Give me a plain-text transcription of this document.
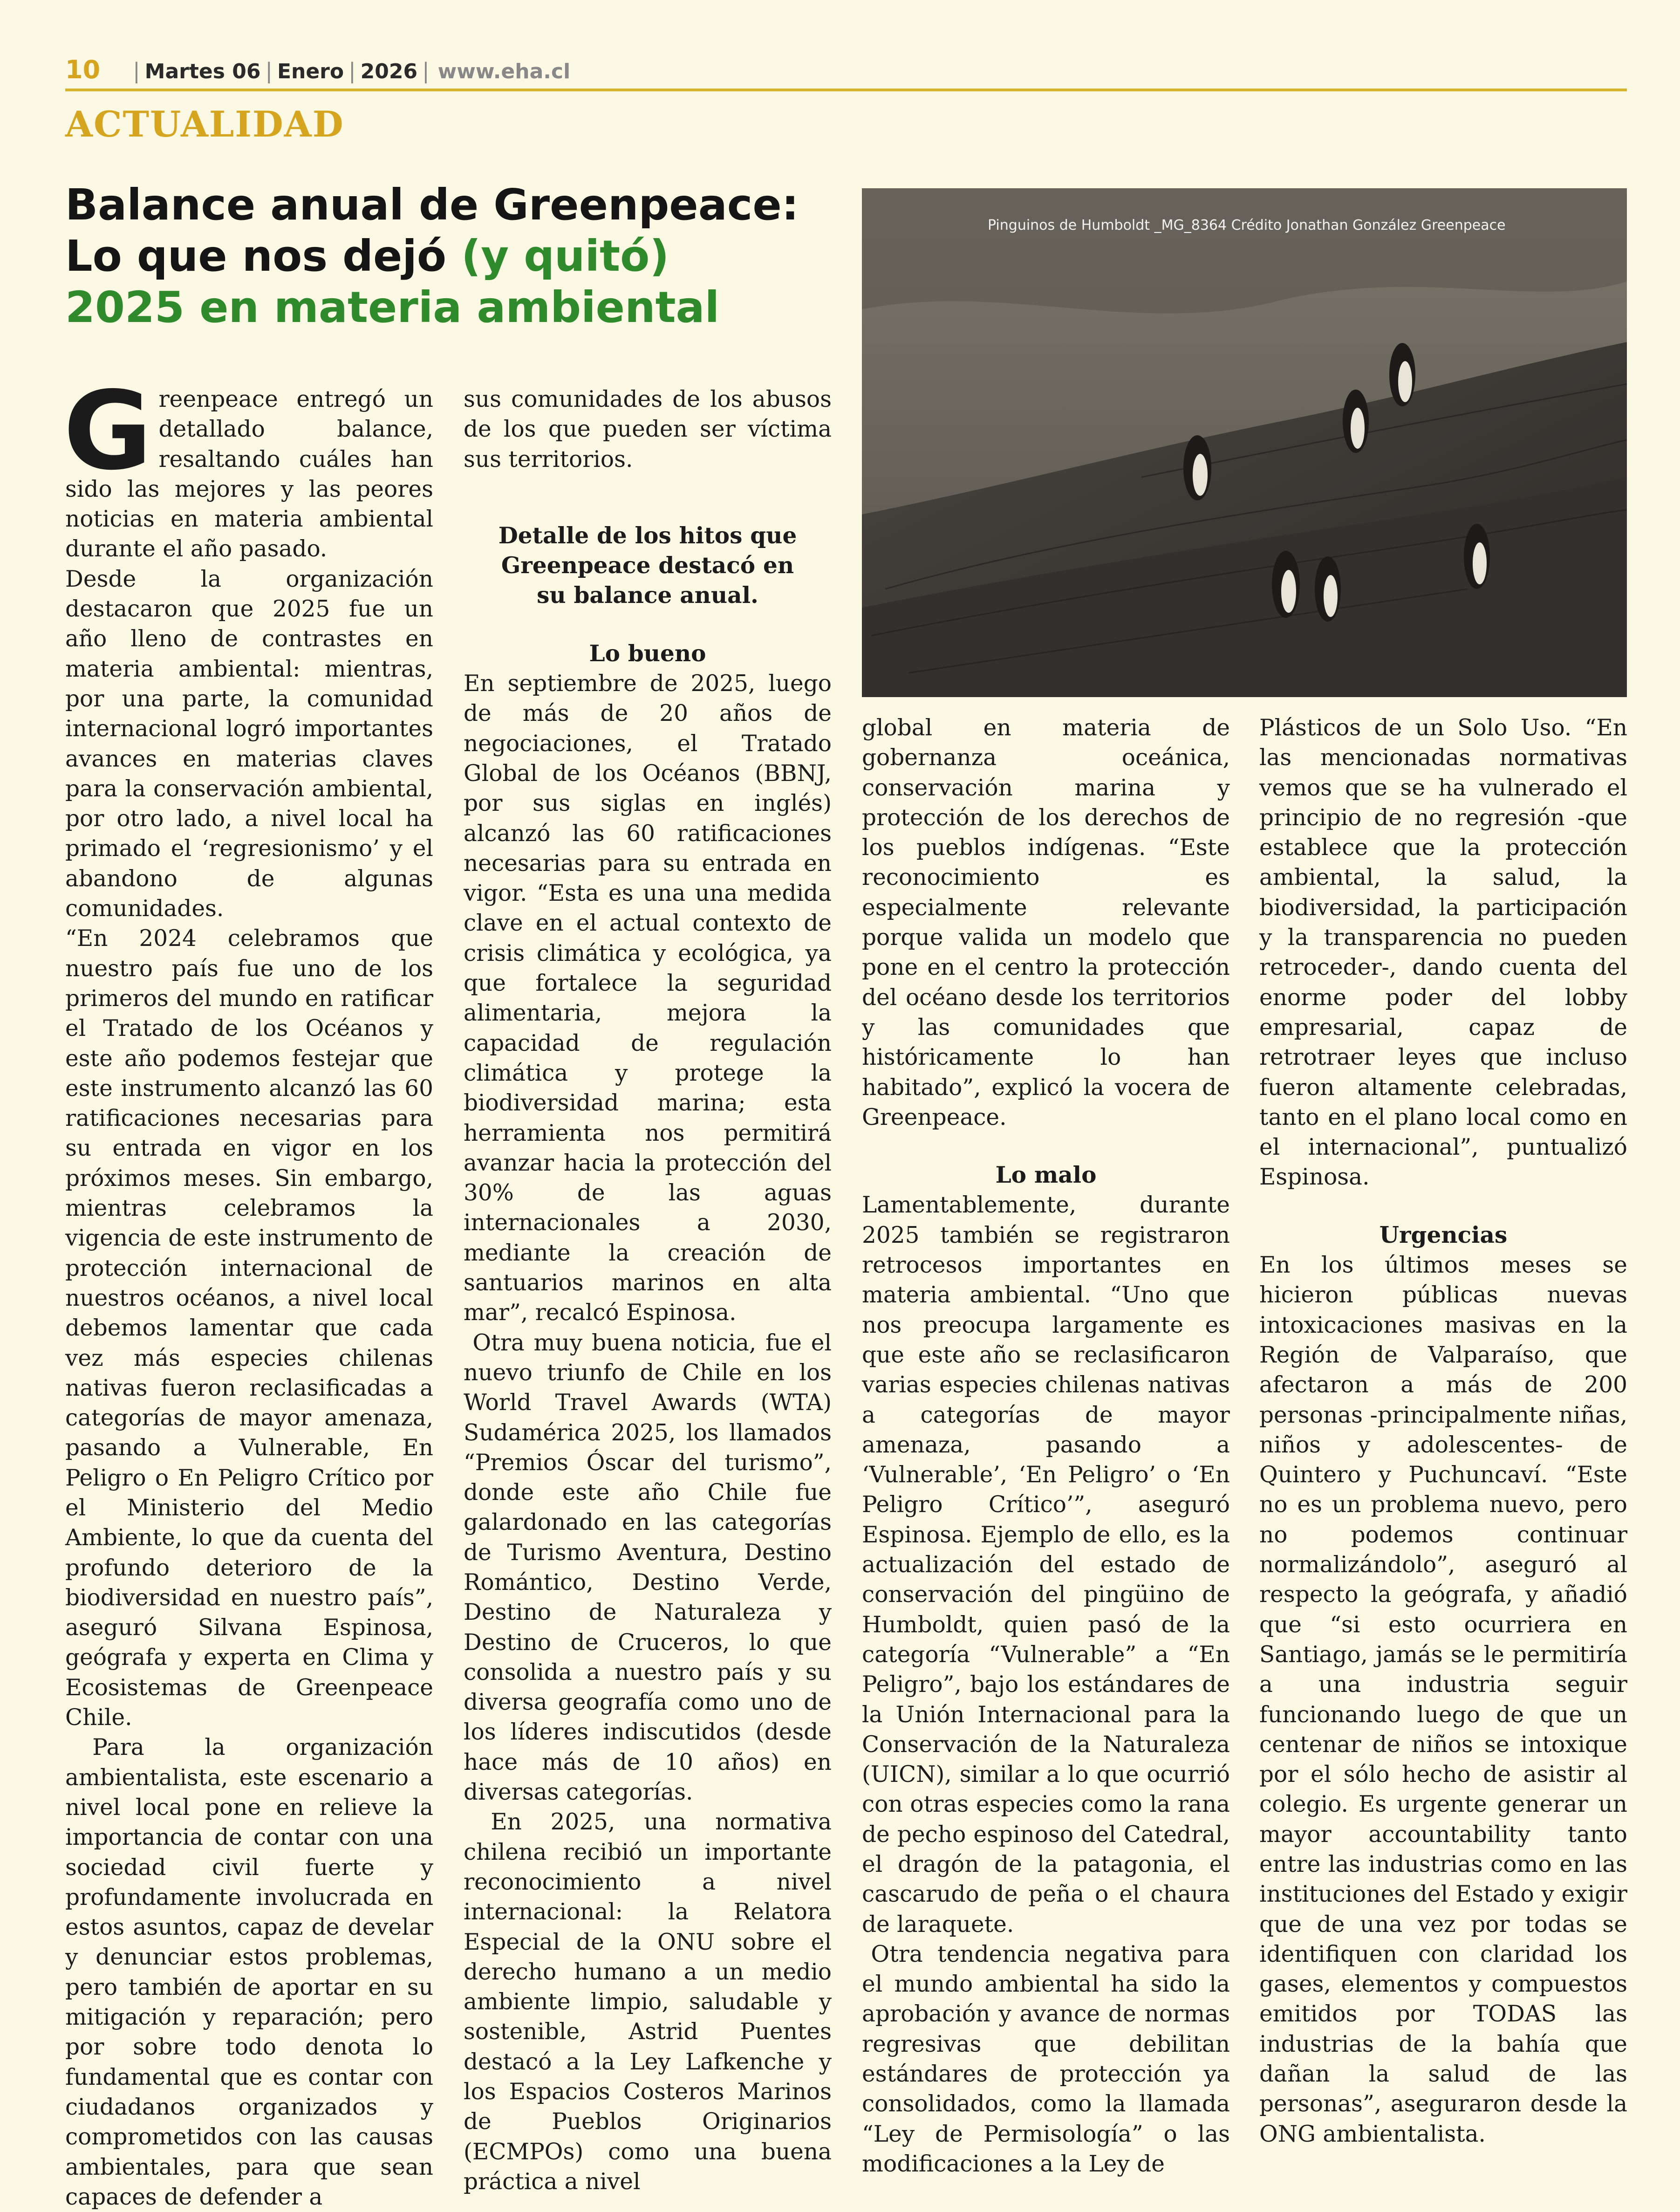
10 | Martes 06 | Enero | 2026 | www.eha.cl
ACTUALIDAD
Balance anual de Greenpeace:
Lo que nos dejó (y quitó)
2025 en materia ambiental
Pinguinos de Humboldt _MG_8364 Crédito Jonathan González Greenpeace

Greenpeace entregó un detallado balance, resaltando cuáles han sido las mejores y las peores noticias en materia ambiental durante el año pasado.

Desde la organización destacaron que 2025 fue un año lleno de contrastes en materia ambiental: mientras, por una parte, la comunidad internacional logró importantes avances en materias claves para la conservación ambiental, por otro lado, a nivel local ha primado el ‘regresionismo’ y el abandono de algunas comunidades.

“En 2024 celebramos que nuestro país fue uno de los primeros del mundo en ratificar el Tratado de los Océanos y este año podemos festejar que este instrumento alcanzó las 60 ratificaciones necesarias para su entrada en vigor en los próximos meses. Sin embargo, mientras celebramos la vigencia de este instrumento de protección internacional de nuestros océanos, a nivel local debemos lamentar que cada vez más especies chilenas nativas fueron reclasificadas a categorías de mayor amenaza, pasando a Vulnerable, En Peligro o En Peligro Crítico por el Ministerio del Medio Ambiente, lo que da cuenta del profundo deterioro de la biodiversidad en nuestro país”, aseguró Silvana Espinosa, geógrafa y experta en Clima y Ecosistemas de Greenpeace Chile.

Para la organización ambientalista, este escenario a nivel local pone en relieve la importancia de contar con una sociedad civil fuerte y profundamente involucrada en estos asuntos, capaz de develar y denunciar estos problemas, pero también de aportar en su mitigación y reparación; pero por sobre todo denota lo fundamental que es contar con ciudadanos organizados y comprometidos con las causas ambientales, para que sean capaces de defender a

sus comunidades de los abusos de los que pueden ser víctima sus territorios.

Detalle de los hitos que Greenpeace destacó en su balance anual.

Lo bueno

En septiembre de 2025, luego de más de 20 años de negociaciones, el Tratado Global de los Océanos (BBNJ, por sus siglas en inglés) alcanzó las 60 ratificaciones necesarias para su entrada en vigor. “Esta es una una medida clave en el actual contexto de crisis climática y ecológica, ya que fortalece la seguridad alimentaria, mejora la capacidad de regulación climática y protege la biodiversidad marina; esta herramienta nos permitirá avanzar hacia la protección del 30% de las aguas internacionales a 2030, mediante la creación de santuarios marinos en alta mar”, recalcó Espinosa.

Otra muy buena noticia, fue el nuevo triunfo de Chile en los World Travel Awards (WTA) Sudamérica 2025, los llamados “Premios Óscar del turismo”, donde este año Chile fue galardonado en las categorías de Turismo Aventura, Destino Romántico, Destino Verde, Destino de Naturaleza y Destino de Cruceros, lo que consolida a nuestro país y su diversa geografía como uno de los líderes indiscutidos (desde hace más de 10 años) en diversas categorías.

En 2025, una normativa chilena recibió un importante reconocimiento a nivel internacional: la Relatora Especial de la ONU sobre el derecho humano a un medio ambiente limpio, saludable y sostenible, Astrid Puentes destacó a la Ley Lafkenche y los Espacios Costeros Marinos de Pueblos Originarios (ECMPOs) como una buena práctica a nivel

global en materia de gobernanza oceánica, conservación marina y protección de los derechos de los pueblos indígenas. “Este reconocimiento es especialmente relevante porque valida un modelo que pone en el centro la protección del océano desde los territorios y las comunidades que históricamente lo han habitado”, explicó la vocera de Greenpeace.

Lo malo

Lamentablemente, durante 2025 también se registraron retrocesos importantes en materia ambiental. “Uno que nos preocupa largamente es que este año se reclasificaron varias especies chilenas nativas a categorías de mayor amenaza, pasando a ‘Vulnerable’, ‘En Peligro’ o ‘En Peligro Crítico’”, aseguró Espinosa. Ejemplo de ello, es la actualización del estado de conservación del pingüino de Humboldt, quien pasó de la categoría “Vulnerable” a “En Peligro”, bajo los estándares de la Unión Internacional para la Conservación de la Naturaleza (UICN), similar a lo que ocurrió con otras especies como la rana de pecho espinoso del Catedral, el dragón de la patagonia, el cascarudo de peña o el chaura de laraquete.

Otra tendencia negativa para el mundo ambiental ha sido la aprobación y avance de normas regresivas que debilitan estándares de protección ya consolidados, como la llamada “Ley de Permisología” o las modificaciones a la Ley de

Plásticos de un Solo Uso. “En las mencionadas normativas vemos que se ha vulnerado el principio de no regresión -que establece que la protección ambiental, la salud, la biodiversidad, la participación y la transparencia no pueden retroceder-, dando cuenta del enorme poder del lobby empresarial, capaz de retrotraer leyes que incluso fueron altamente celebradas, tanto en el plano local como en el internacional”, puntualizó Espinosa.

Urgencias

En los últimos meses se hicieron públicas nuevas intoxicaciones masivas en la Región de Valparaíso, que afectaron a más de 200 personas -principalmente niñas, niños y adolescentes- de Quintero y Puchuncaví. “Este no es un problema nuevo, pero no podemos continuar normalizándolo”, aseguró al respecto la geógrafa, y añadió que “si esto ocurriera en Santiago, jamás se le permitiría a una industria seguir funcionando luego de que un centenar de niños se intoxique por el sólo hecho de asistir al colegio. Es urgente generar un mayor accountability tanto entre las industrias como en las instituciones del Estado y exigir que de una vez por todas se identifiquen con claridad los gases, elementos y compuestos emitidos por TODAS las industrias de la bahía que dañan la salud de las personas”, aseguraron desde la ONG ambientalista.
